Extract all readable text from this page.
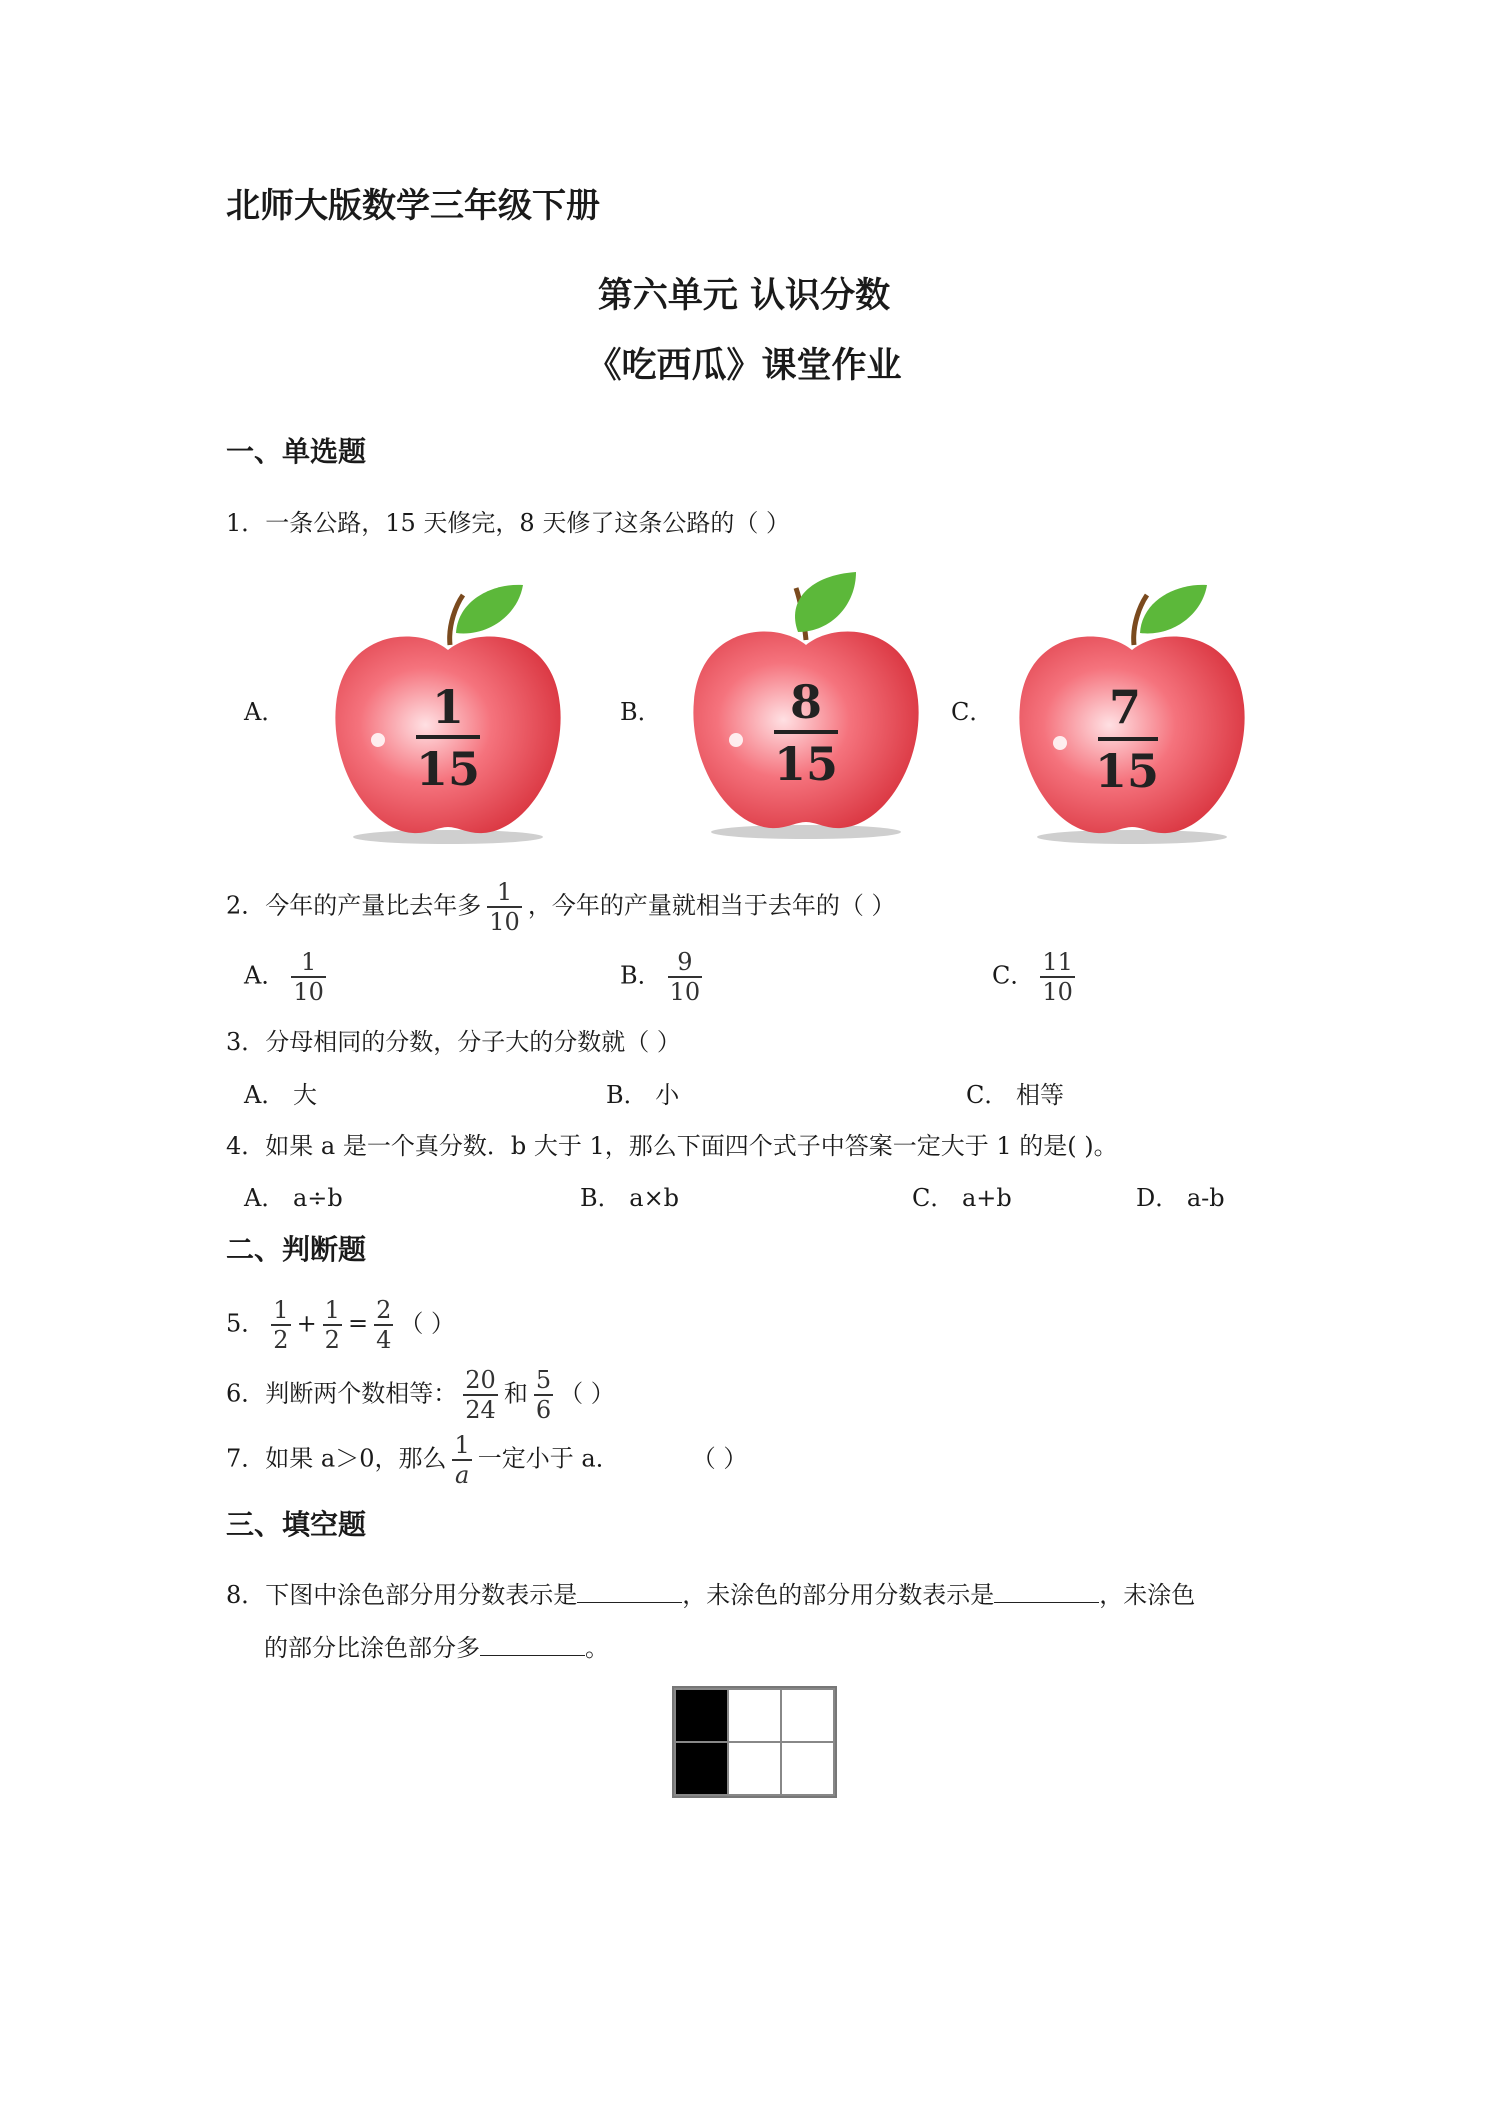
北师大版数学三年级下册
第六单元 认识分数
《吃西瓜》课堂作业
一、单选题
1．一条公路，15 天修完，8 天修了这条公路的（ ）
A．	B．	C．
1
15
8
15
7
15
2．今年的产量比去年多 $\frac{1}{10}$ ，今年的产量就相当于去年的（ ）
A． $\frac{1}{10}$	B． $\frac{9}{10}$	C． $\frac{11}{10}$
3．分母相同的分数，分子大的分数就（ ）
A． 大	B． 小	C． 相等
4．如果 a 是一个真分数．b 大于 1，那么下面四个式子中答案一定大于 1 的是( )。
A． a÷b	B． a×b	C． a+b	D． a-b
二、判断题
5． $\frac{1}{2} + \frac{1}{2} = \frac{2}{4}$ （ ）
6．判断两个数相等： $\frac{20}{24}$ 和 $\frac{5}{6}$ （ ）
7．如果 a＞0，那么 $\frac{1}{a}$ 一定小于 a．	（ ）
三、填空题
8．下图中涂色部分用分数表示是	，未涂色的部分用分数表示是	，未涂色
的部分比涂色部分多	。
